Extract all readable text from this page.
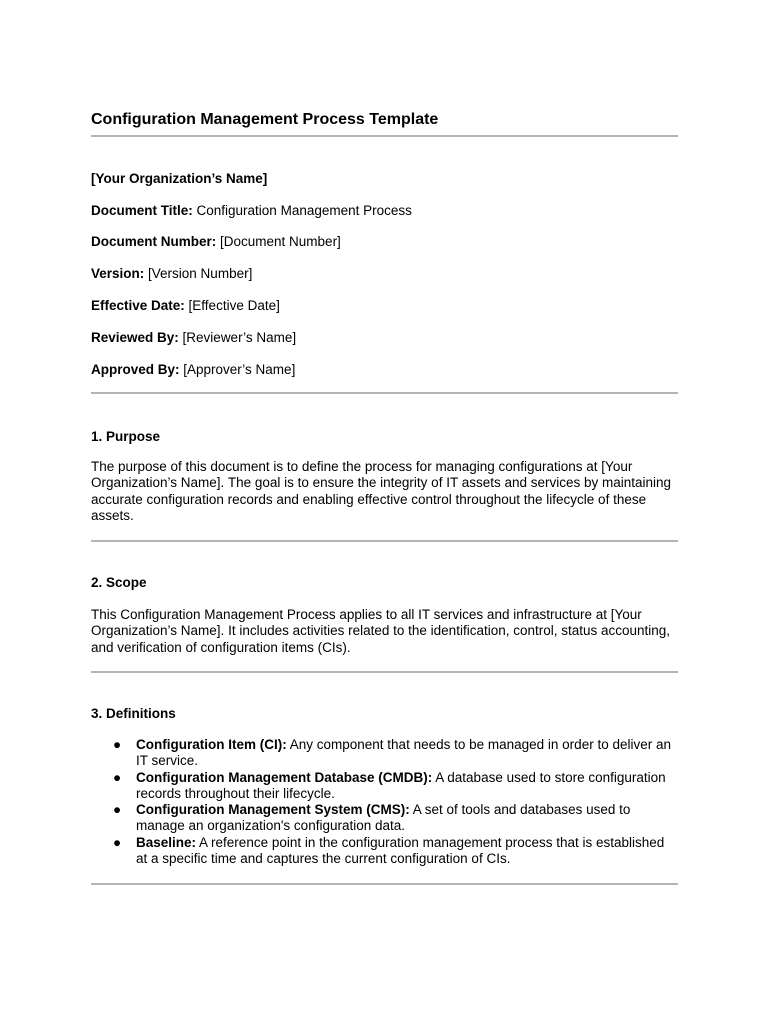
Configuration Management Process Template

[Your Organization’s Name]

Document Title: Configuration Management Process

Document Number: [Document Number]

Version: [Version Number]

Effective Date: [Effective Date]

Reviewed By: [Reviewer’s Name]

Approved By: [Approver’s Name]

1. Purpose

The purpose of this document is to define the process for managing configurations at [Your Organization’s Name]. The goal is to ensure the integrity of IT assets and services by maintaining accurate configuration records and enabling effective control throughout the lifecycle of these assets.

2. Scope

This Configuration Management Process applies to all IT services and infrastructure at [Your Organization’s Name]. It includes activities related to the identification, control, status accounting, and verification of configuration items (CIs).

3. Definitions
● Configuration Item (CI): Any component that needs to be managed in order to deliver an IT service.
● Configuration Management Database (CMDB): A database used to store configuration records throughout their lifecycle.
● Configuration Management System (CMS): A set of tools and databases used to manage an organization's configuration data.
● Baseline: A reference point in the configuration management process that is established at a specific time and captures the current configuration of CIs.
